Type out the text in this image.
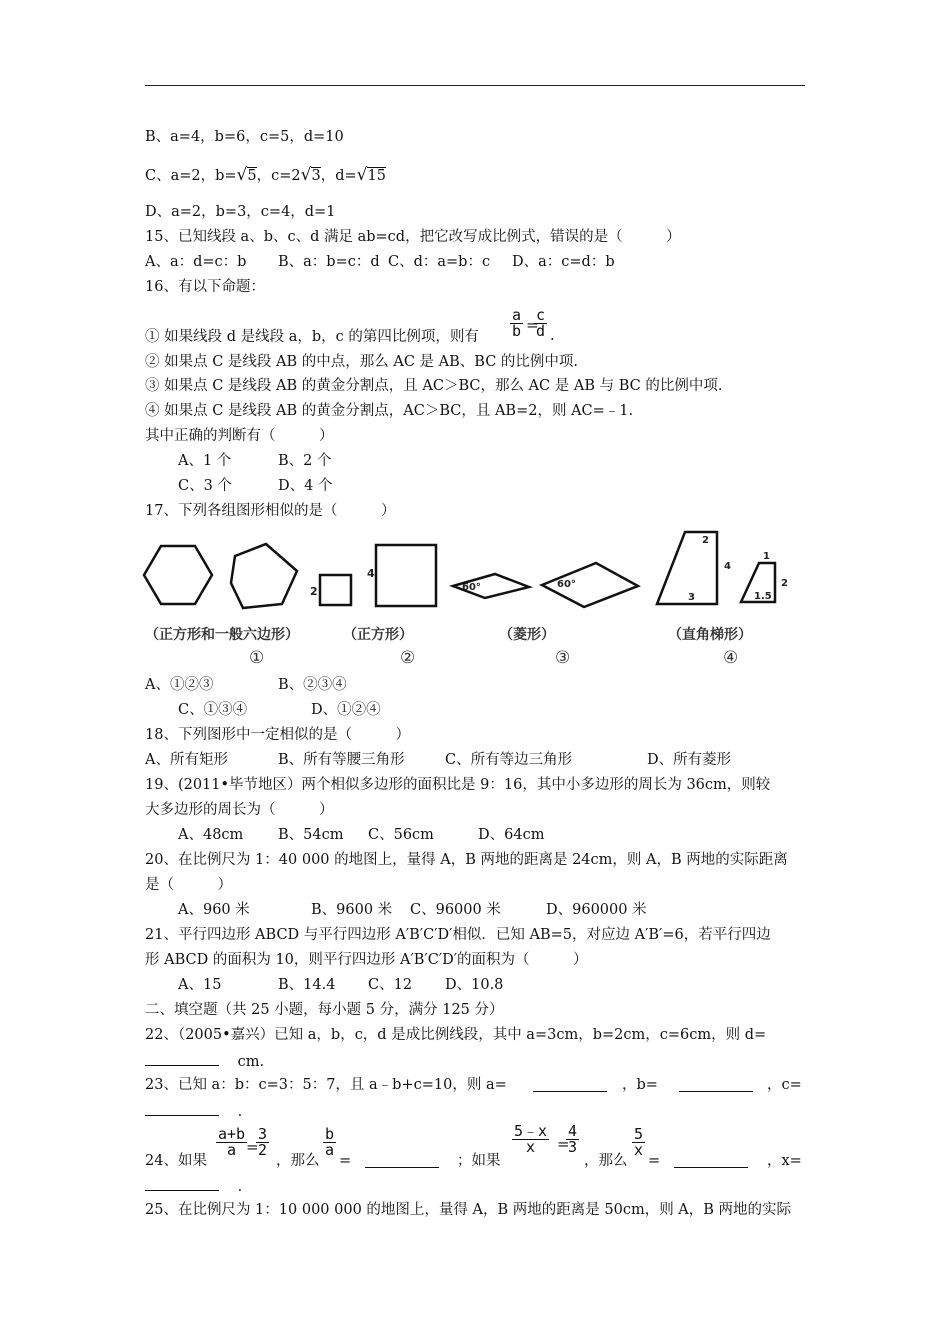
B、a=4，b=6，c=5，d=10
C、a=2，b=√5，c=2√3，d=√15
D、a=2，b=3，c=4，d=1
15、已知线段 a、b、c、d 满足 ab=cd，把它改写成比例式，错误的是（　　　）
A、a：d=c：b B、a：b=c：d C、d：a=b：c D、a：c=d：b
16、有以下命题：
① 如果线段 d 是线段 a，b，c 的第四比例项，则有 $\frac{a}{b}$ =
$\frac{c}{d}$ .
② 如果点 C 是线段 AB 的中点，那么 AC 是 AB、BC 的比例中项.
③ 如果点 C 是线段 AB 的黄金分割点，且 AC＞BC，那么 AC 是 AB 与 BC 的比例中项.
④ 如果点 C 是线段 AB 的黄金分割点，AC＞BC，且 AB=2，则 AC=﹣1.
其中正确的判断有（　　　）
A、1 个	B、2 个
C、3 个	D、4 个
17、下列各组图形相似的是（　　　）
2
4
60°	60°
2
4
3
1
2
1.5
（正方形和一般六边形）	（正方形）	（菱形）	（直角梯形）
①	②	③	④
A、①②③	B、②③④
C、①③④	D、①②④
18、下列图形中一定相似的是（　　　）
A、所有矩形	B、所有等腰三角形	C、所有等边三角形	D、所有菱形
19、(2011•毕节地区）两个相似多边形的面积比是 9：16，其中小多边形的周长为 36cm，则较
大多边形的周长为（　　　）
A、48cm B、54cm C、56cm	D、64cm
20、在比例尺为 1：40 000 的地图上，量得 A，B 两地的距离是 24cm，则 A，B 两地的实际距离
是（　　　）
A、960 米	B、9600 米 C、96000 米	D、960000 米
21、平行四边形 ABCD 与平行四边形 A′B′C′D′相似．已知 AB=5，对应边 A′B′=6，若平行四边
形 ABCD 的面积为 10，则平行四边形 A′B′C′D′的面积为（　　　）
A、15	B、14.4 C、12 D、10.8
二、填空题（共 25 小题，每小题 5 分，满分 125 分）
22、（2005•嘉兴）已知 a，b，c，d 是成比例线段，其中 a=3cm，b=2cm，c=6cm，则 d=
cm.
23、已知 a：b：c=3：5：7，且 a﹣b+c=10，则 a=	，b=	，c=
.
24、如果
$\frac{a+b}{a}$
=
$\frac{3}{2}$
，那么
$\frac{b}{a}$
=	；如果
$\frac{5﹣x}{x}$ =
$\frac{4}{3}$
，那么
$\frac{5}{x}$
=	，x=
.
25、在比例尺为 1：10 000 000 的地图上，量得 A，B 两地的距离是 50cm，则 A，B 两地的实际
